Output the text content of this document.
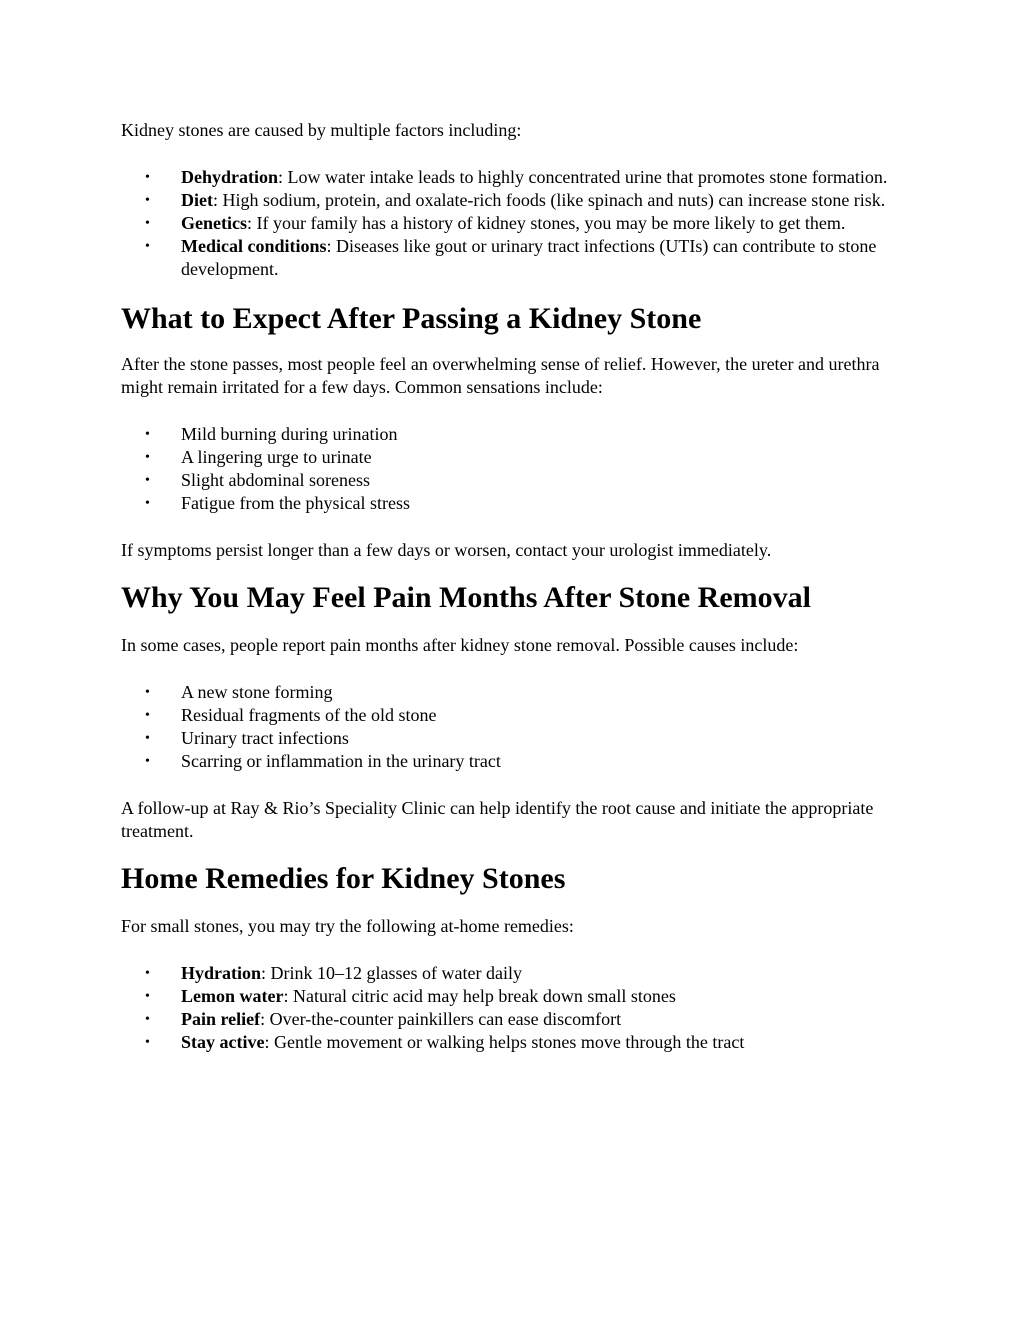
Kidney stones are caused by multiple factors including:

• Dehydration: Low water intake leads to highly concentrated urine that promotes stone formation.
• Diet: High sodium, protein, and oxalate-rich foods (like spinach and nuts) can increase stone risk.
• Genetics: If your family has a history of kidney stones, you may be more likely to get them.
• Medical conditions: Diseases like gout or urinary tract infections (UTIs) can contribute to stone development.
What to Expect After Passing a Kidney Stone

After the stone passes, most people feel an overwhelming sense of relief. However, the ureter and urethra might remain irritated for a few days. Common sensations include:

• Mild burning during urination
• A lingering urge to urinate
• Slight abdominal soreness
• Fatigue from the physical stress

If symptoms persist longer than a few days or worsen, contact your urologist immediately.

Why You May Feel Pain Months After Stone Removal

In some cases, people report pain months after kidney stone removal. Possible causes include:

• A new stone forming
• Residual fragments of the old stone
• Urinary tract infections
• Scarring or inflammation in the urinary tract

A follow-up at Ray & Rio’s Speciality Clinic can help identify the root cause and initiate the appropriate treatment.

Home Remedies for Kidney Stones

For small stones, you may try the following at-home remedies:

• Hydration: Drink 10–12 glasses of water daily
• Lemon water: Natural citric acid may help break down small stones
• Pain relief: Over-the-counter painkillers can ease discomfort
• Stay active: Gentle movement or walking helps stones move through the tract
